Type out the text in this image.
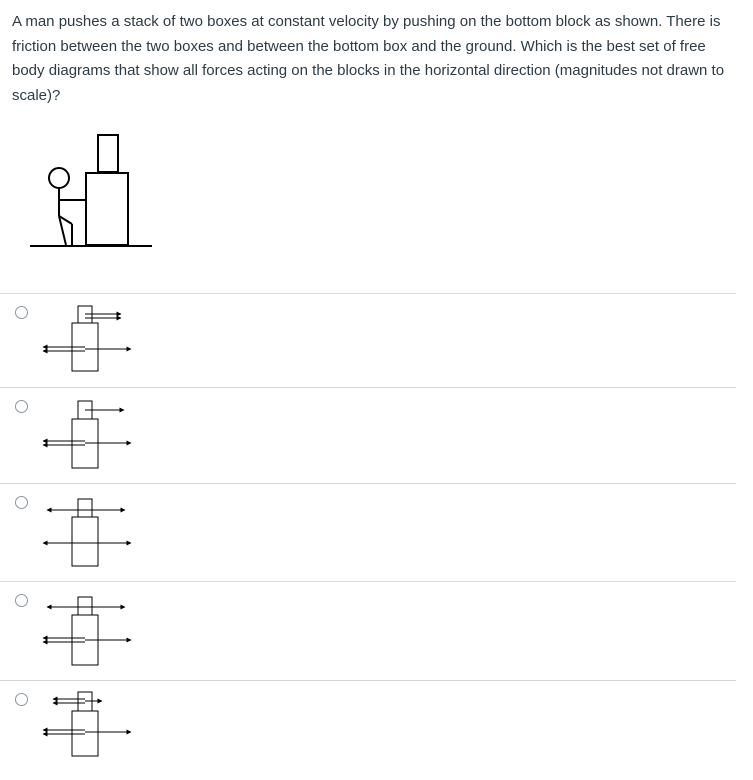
A man pushes a stack of two boxes at constant velocity by pushing on the bottom block as shown. There is friction between the two boxes and between the bottom box and the ground. Which is the best set of free body diagrams that show all forces acting on the blocks in the horizontal direction (magnitudes not drawn to scale)?
